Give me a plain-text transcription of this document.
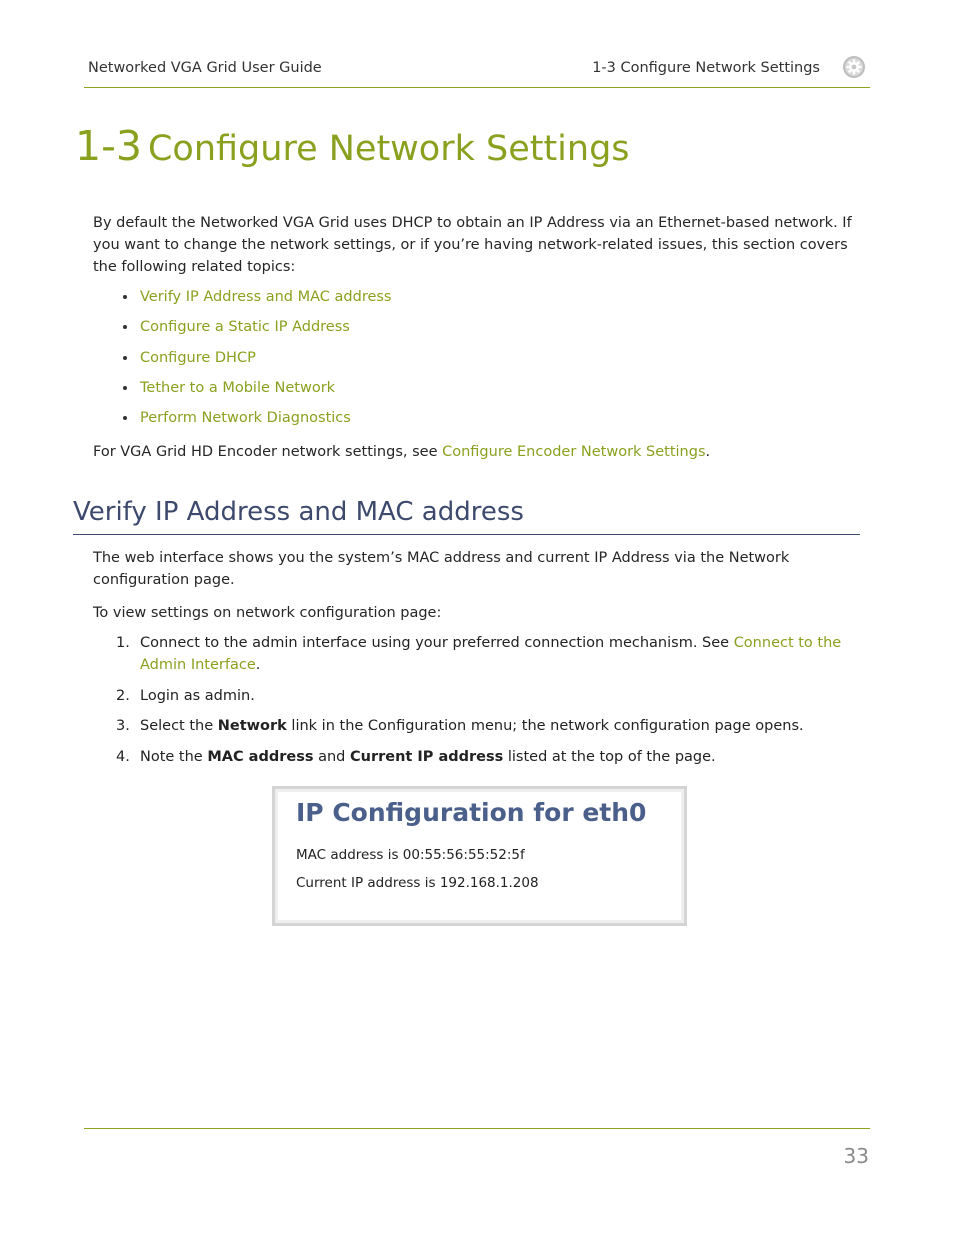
Networked VGA Grid User Guide	1-3 Configure Network Settings
1-3 Configure Network Settings
By default the Networked VGA Grid uses DHCP to obtain an IP Address via an Ethernet-based network. If you want to change the network settings, or if you’re having network-related issues, this section covers the following related topics:
Verify IP Address and MAC address
Configure a Static IP Address
Configure DHCP
Tether to a Mobile Network
Perform Network Diagnostics
For VGA Grid HD Encoder network settings, see Configure Encoder Network Settings.
Verify IP Address and MAC address
The web interface shows you the system’s MAC address and current IP Address via the Network configuration page.
To view settings on network configuration page:
1. Connect to the admin interface using your preferred connection mechanism. See Connect to the Admin Interface.
2. Login as admin.
3. Select the Network link in the Configuration menu; the network configuration page opens.
4. Note the MAC address and Current IP address listed at the top of the page.
IP Configuration for eth0
MAC address is 00:55:56:55:52:5f
Current IP address is 192.168.1.208
33
